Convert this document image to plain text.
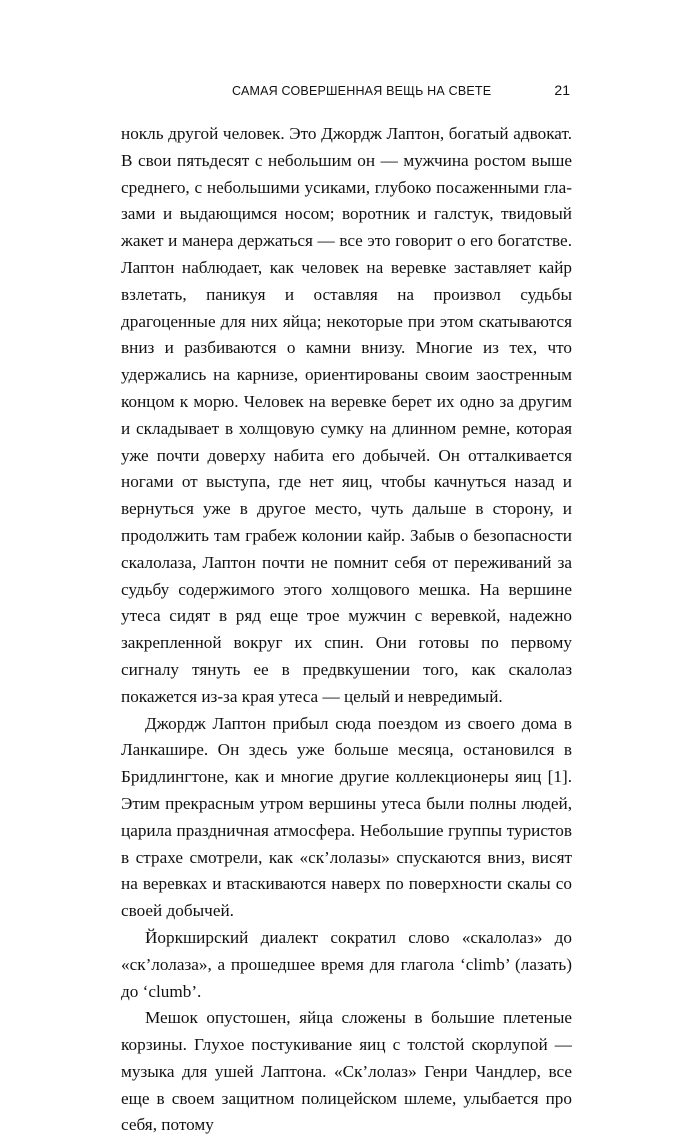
САМАЯ СОВЕРШЕННАЯ ВЕЩЬ НА СВЕТЕ	21

нокль другой человек. Это Джордж Лаптон, богатый адвокат. В свои пятьдесят с небольшим он — мужчина ростом выше среднего, с небольшими усиками, глубоко посаженными глазами и выдающимся носом; воротник и галстук, твидовый жакет и манера держаться — все это говорит о его богатстве. Лаптон наблюдает, как человек на веревке заставляет кайр взлетать, паникуя и оставляя на произвол судьбы драгоценные для них яйца; некоторые при этом скатываются вниз и разбиваются о камни внизу. Многие из тех, что удержались на карнизе, ориентированы своим заостренным концом к морю. Человек на веревке берет их одно за другим и складывает в холщовую сумку на длинном ремне, которая уже почти доверху набита его добычей. Он отталкивается ногами от выступа, где нет яиц, чтобы качнуться назад и вернуться уже в другое место, чуть дальше в сторону, и продолжить там грабеж колонии кайр. Забыв о безопасности скалолаза, Лаптон почти не помнит себя от переживаний за судьбу содержимого этого холщового мешка. На вершине утеса сидят в ряд еще трое мужчин с веревкой, надежно закрепленной вокруг их спин. Они готовы по первому сигналу тянуть ее в предвкушении того, как скалолаз покажется из-за края утеса — целый и невредимый.

Джордж Лаптон прибыл сюда поездом из своего дома в Ланкашире. Он здесь уже больше месяца, остановился в Бридлингтоне, как и многие другие коллекционеры яиц [1]. Этим прекрасным утром вершины утеса были полны людей, царила праздничная атмосфера. Небольшие группы туристов в страхе смотрели, как «ск’лолазы» спускаются вниз, висят на веревках и втаскиваются наверх по поверхности скалы со своей добычей.

Йоркширский диалект сократил слово «скалолаз» до «ск’лолаза», а прошедшее время для глагола ‘climb’ (лазать) до ‘clumb’.

Мешок опустошен, яйца сложены в большие плетеные корзины. Глухое постукивание яиц с толстой скорлупой — музыка для ушей Лаптона. «Ск’лолаз» Генри Чандлер, все еще в своем защитном полицейском шлеме, улыбается про себя, потому
